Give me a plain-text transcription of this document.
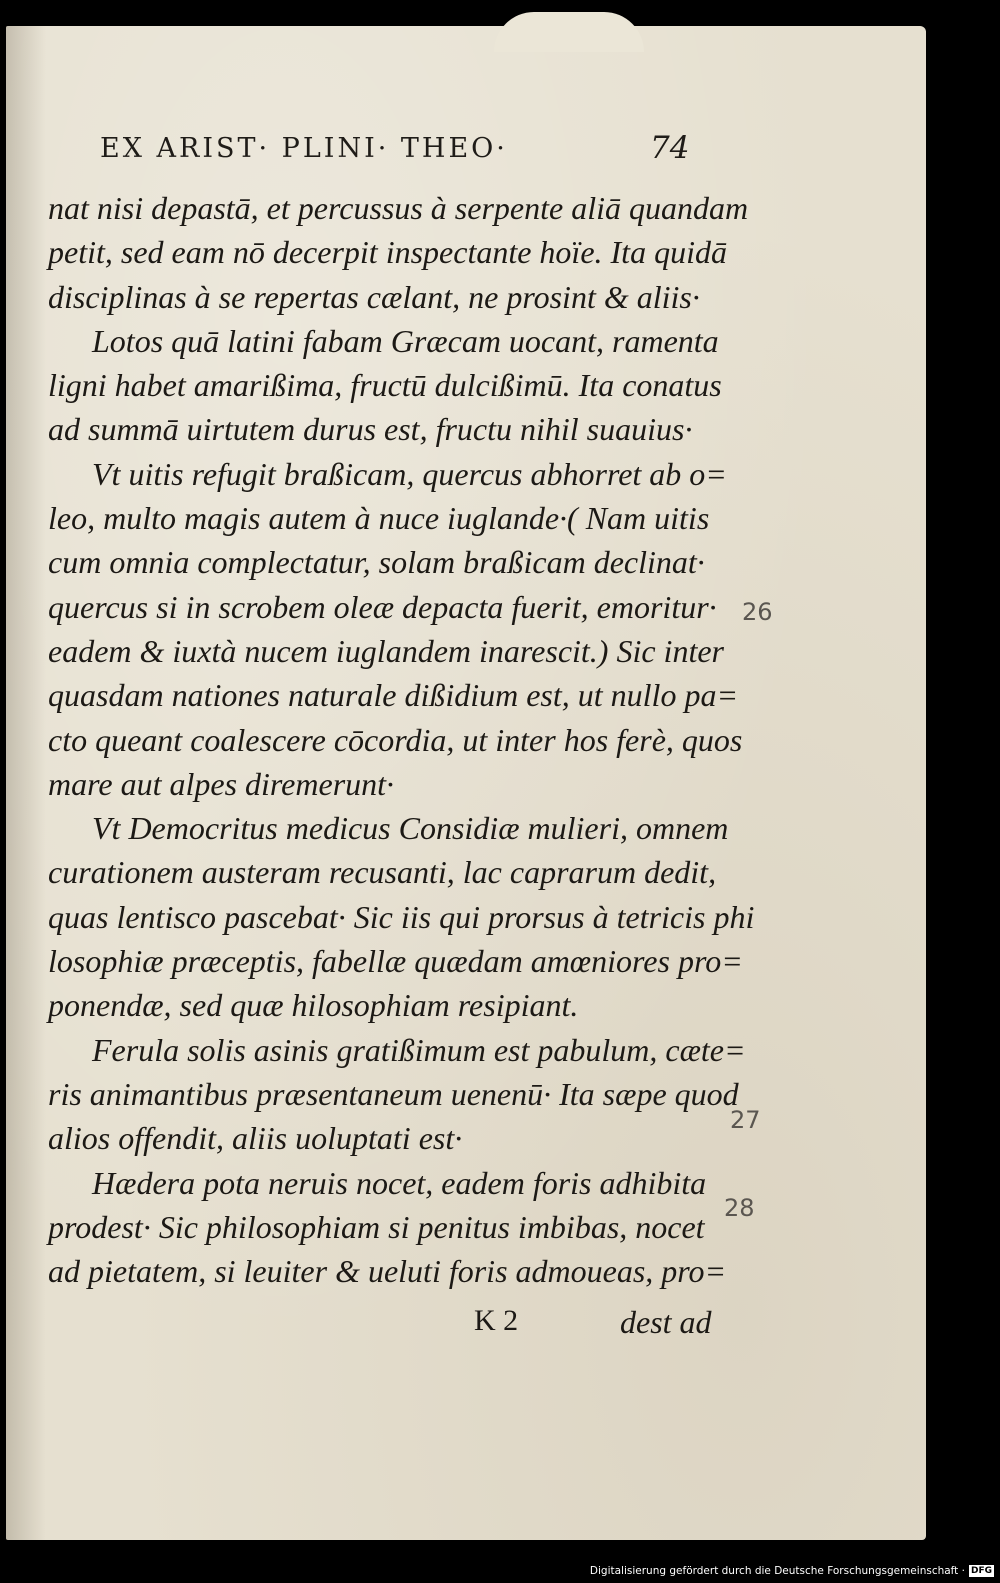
EX ARIST· PLINI· THEO·	74
nat nisi depastā, et percussus à serpente aliā quandam
petit, sed eam nō decerpit inspectante hoïe. Ita quidā
disciplinas à se repertas cælant, ne prosint & aliis·
Lotos quā latini fabam Græcam uocant, ramenta
ligni habet amarißima, fructū dulcißimū. Ita conatus
ad summā uirtutem durus est, fructu nihil suauius·
Vt uitis refugit braßicam, quercus abhorret ab o=
leo, multo magis autem à nuce iuglande·( Nam uitis
cum omnia complectatur, solam braßicam declinat·
quercus si in scrobem oleæ depacta fuerit, emoritur·
eadem & iuxtà nucem iuglandem inarescit.) Sic inter
quasdam nationes naturale dißidium est, ut nullo pa=
cto queant coalescere cōcordia, ut inter hos ferè, quos
mare aut alpes diremerunt·
Vt Democritus medicus Considiæ mulieri, omnem
curationem austeram recusanti, lac caprarum dedit,
quas lentisco pascebat· Sic iis qui prorsus à tetricis phi
losophiæ præceptis, fabellæ quædam amœniores pro=
ponendæ, sed quæ hilosophiam resipiant.
Ferula solis asinis gratißimum est pabulum, cæte=
ris animantibus præsentaneum uenenū· Ita sæpe quod
alios offendit, aliis uoluptati est·
Hædera pota neruis nocet, eadem foris adhibita
prodest· Sic philosophiam si penitus imbibas, nocet
ad pietatem, si leuiter & ueluti foris admoueas, pro=
K 2	dest ad
26
27
28
Digitalisierung gefördert durch die Deutsche Forschungsgemeinschaft · DFG
